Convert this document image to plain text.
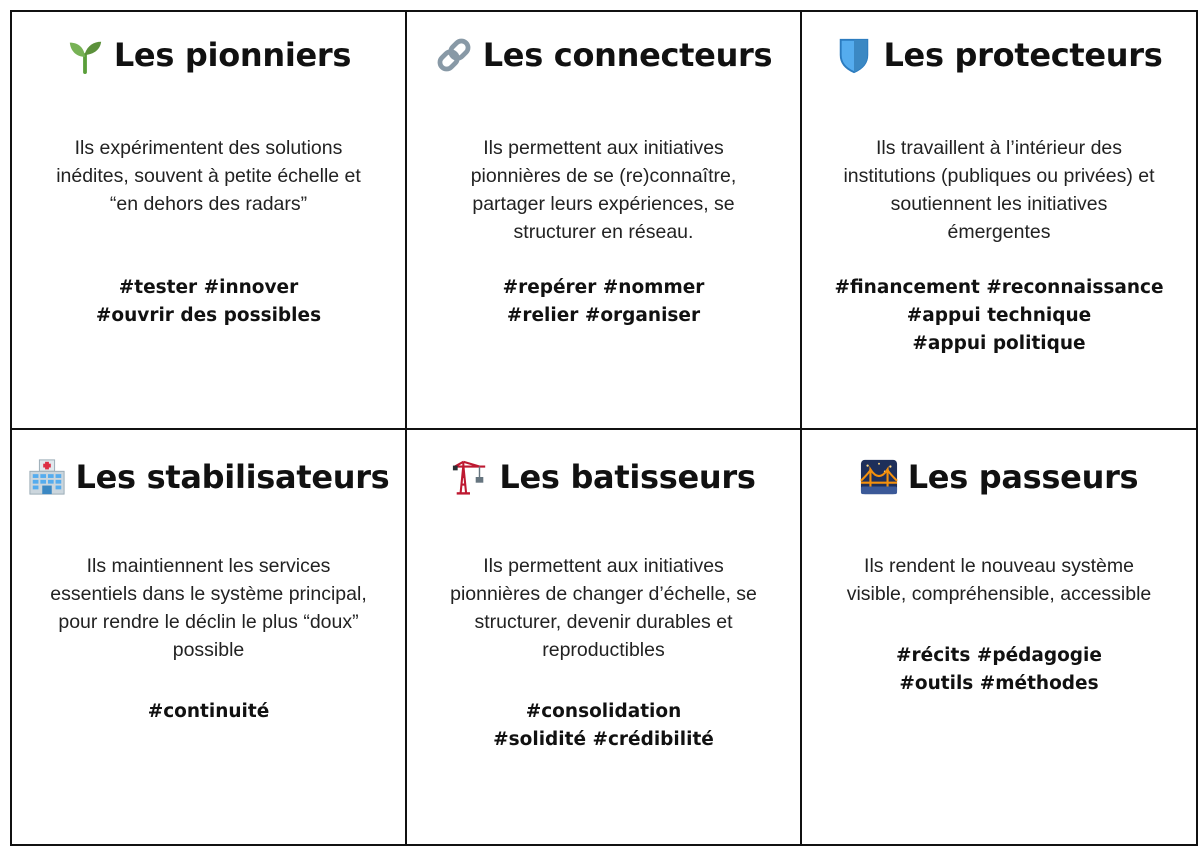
Les pionniers
Ils expérimentent des solutions
inédites, souvent à petite échelle et
“en dehors des radars”
#tester #innover
#ouvrir des possibles
Les connecteurs
Ils permettent aux initiatives
pionnières de se (re)connaître,
partager leurs expériences, se
structurer en réseau.
#repérer #nommer
#relier #organiser
Les protecteurs
Ils travaillent à l’intérieur des
institutions (publiques ou privées) et
soutiennent les initiatives
émergentes
#financement #reconnaissance
#appui technique
#appui politique
Les stabilisateurs
Ils maintiennent les services
essentiels dans le système principal,
pour rendre le déclin le plus “doux”
possible
#continuité
Les batisseurs
Ils permettent aux initiatives
pionnières de changer d’échelle, se
structurer, devenir durables et
reproductibles
#consolidation
#solidité #crédibilité
Les passeurs
Ils rendent le nouveau système
visible, compréhensible, accessible
#récits #pédagogie
#outils #méthodes
